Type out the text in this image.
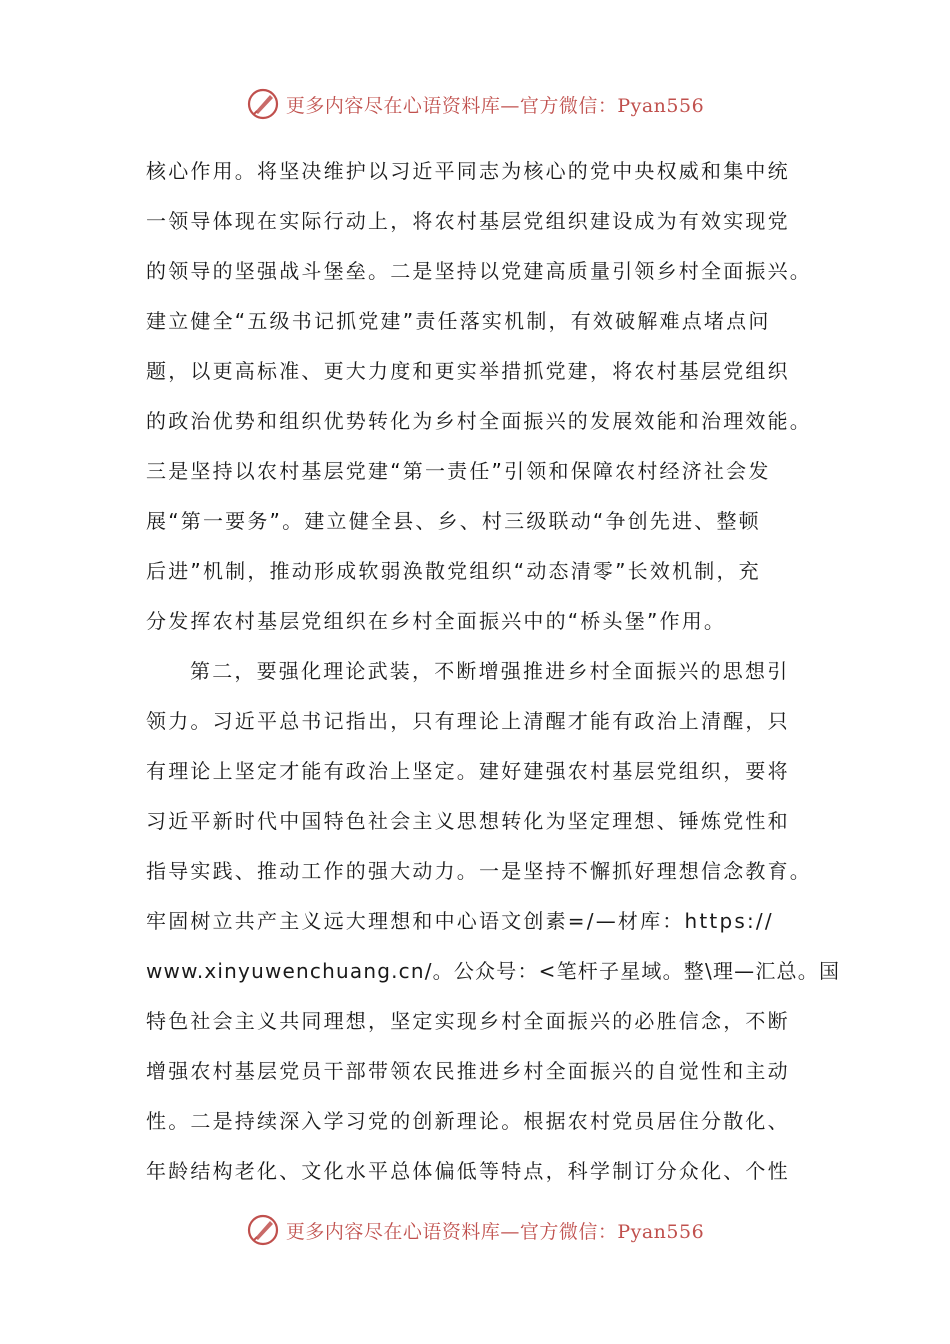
更多内容尽在心语资料库—官方微信：Pyan556
核心作用。将坚决维护以习近平同志为核心的党中央权威和集中统
一领导体现在实际行动上，将农村基层党组织建设成为有效实现党
的领导的坚强战斗堡垒。二是坚持以党建高质量引领乡村全面振兴。
建立健全“五级书记抓党建”责任落实机制，有效破解难点堵点问
题，以更高标准、更大力度和更实举措抓党建，将农村基层党组织
的政治优势和组织优势转化为乡村全面振兴的发展效能和治理效能。
三是坚持以农村基层党建“第一责任”引领和保障农村经济社会发
展“第一要务”。建立健全县、乡、村三级联动“争创先进、整顿
后进”机制，推动形成软弱涣散党组织“动态清零”长效机制，充
分发挥农村基层党组织在乡村全面振兴中的“桥头堡”作用。
第二，要强化理论武装，不断增强推进乡村全面振兴的思想引
领力。习近平总书记指出，只有理论上清醒才能有政治上清醒，只
有理论上坚定才能有政治上坚定。建好建强农村基层党组织，要将
习近平新时代中国特色社会主义思想转化为坚定理想、锤炼党性和
指导实践、推动工作的强大动力。一是坚持不懈抓好理想信念教育。
牢固树立共产主义远大理想和中心语文创素=/—材库：https://
www.xinyuwenchuang.cn/。公众号：<笔杆子星域。整\理—汇总。国
特色社会主义共同理想，坚定实现乡村全面振兴的必胜信念，不断
增强农村基层党员干部带领农民推进乡村全面振兴的自觉性和主动
性。二是持续深入学习党的创新理论。根据农村党员居住分散化、
年龄结构老化、文化水平总体偏低等特点，科学制订分众化、个性
更多内容尽在心语资料库—官方微信：Pyan556
